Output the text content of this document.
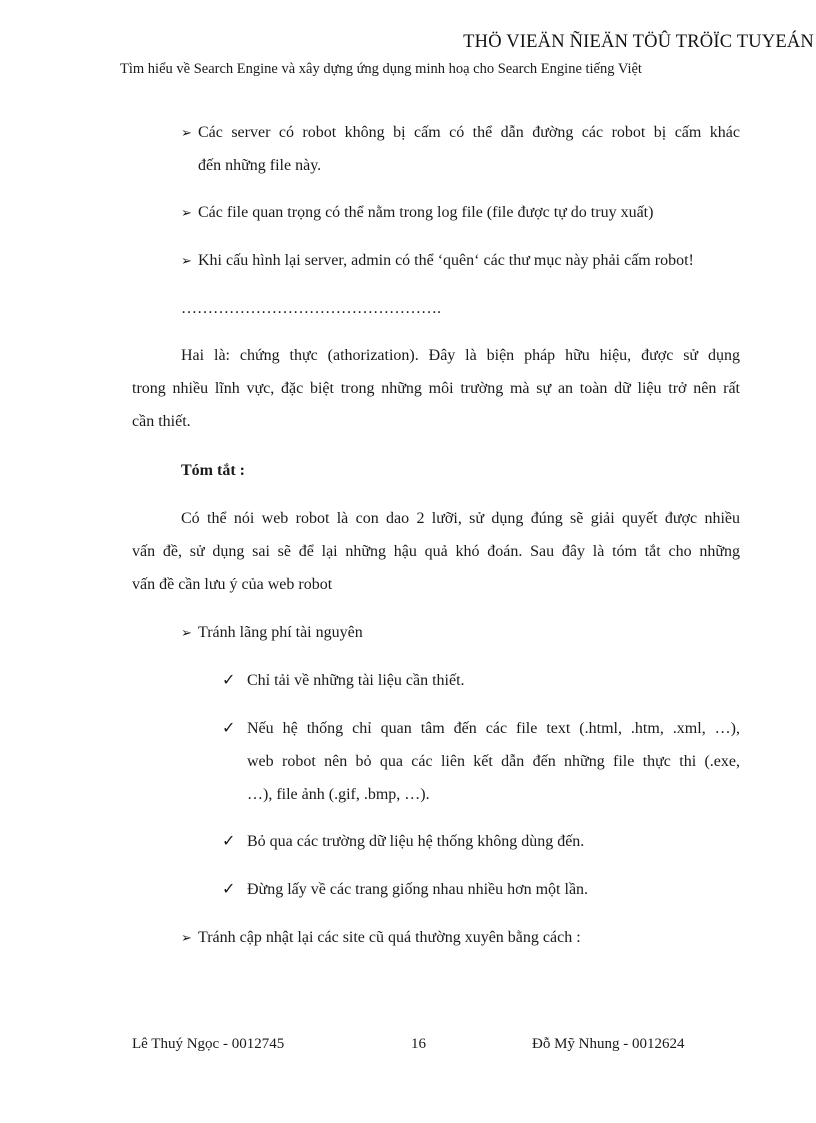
THÖ VIEÄN ÑIEÄN TÖÛ TRÖÏC TUYEÁN
Tìm hiểu về Search Engine và xây dựng ứng dụng minh hoạ cho Search Engine tiếng Việt
➢ Các server có robot không bị cấm có thể dẫn đường các robot bị cấm khác
đến những file này.
➢ Các file quan trọng có thể nằm trong log file (file được tự do truy xuất)
➢ Khi cấu hình lại server, admin có thể ‘quên‘ các thư mục này phải cấm robot!
………………………………………….
Hai là: chứng thực (athorization). Đây là biện pháp hữu hiệu, được sử dụng
trong nhiều lĩnh vực, đặc biệt trong những môi trường mà sự an toàn dữ liệu trở nên rất
cần thiết.
Tóm tắt :
Có thể nói web robot là con dao 2 lưỡi, sử dụng đúng sẽ giải quyết được nhiều
vấn đề, sử dụng sai sẽ để lại những hậu quả khó đoán. Sau đây là tóm tắt cho những
vấn đề cần lưu ý của web robot
➢ Tránh lãng phí tài nguyên
✓ Chỉ tải về những tài liệu cần thiết.
✓ Nếu hệ thống chỉ quan tâm đến các file text (.html, .htm, .xml, …),
web robot nên bỏ qua các liên kết dẫn đến những file thực thi (.exe,
…), file ảnh (.gif, .bmp, …).
✓ Bỏ qua các trường dữ liệu hệ thống không dùng đến.
✓ Đừng lấy về các trang giống nhau nhiều hơn một lần.
➢ Tránh cập nhật lại các site cũ quá thường xuyên bằng cách :
Lê Thuý Ngọc - 0012745	16	Đỗ Mỹ Nhung - 0012624
